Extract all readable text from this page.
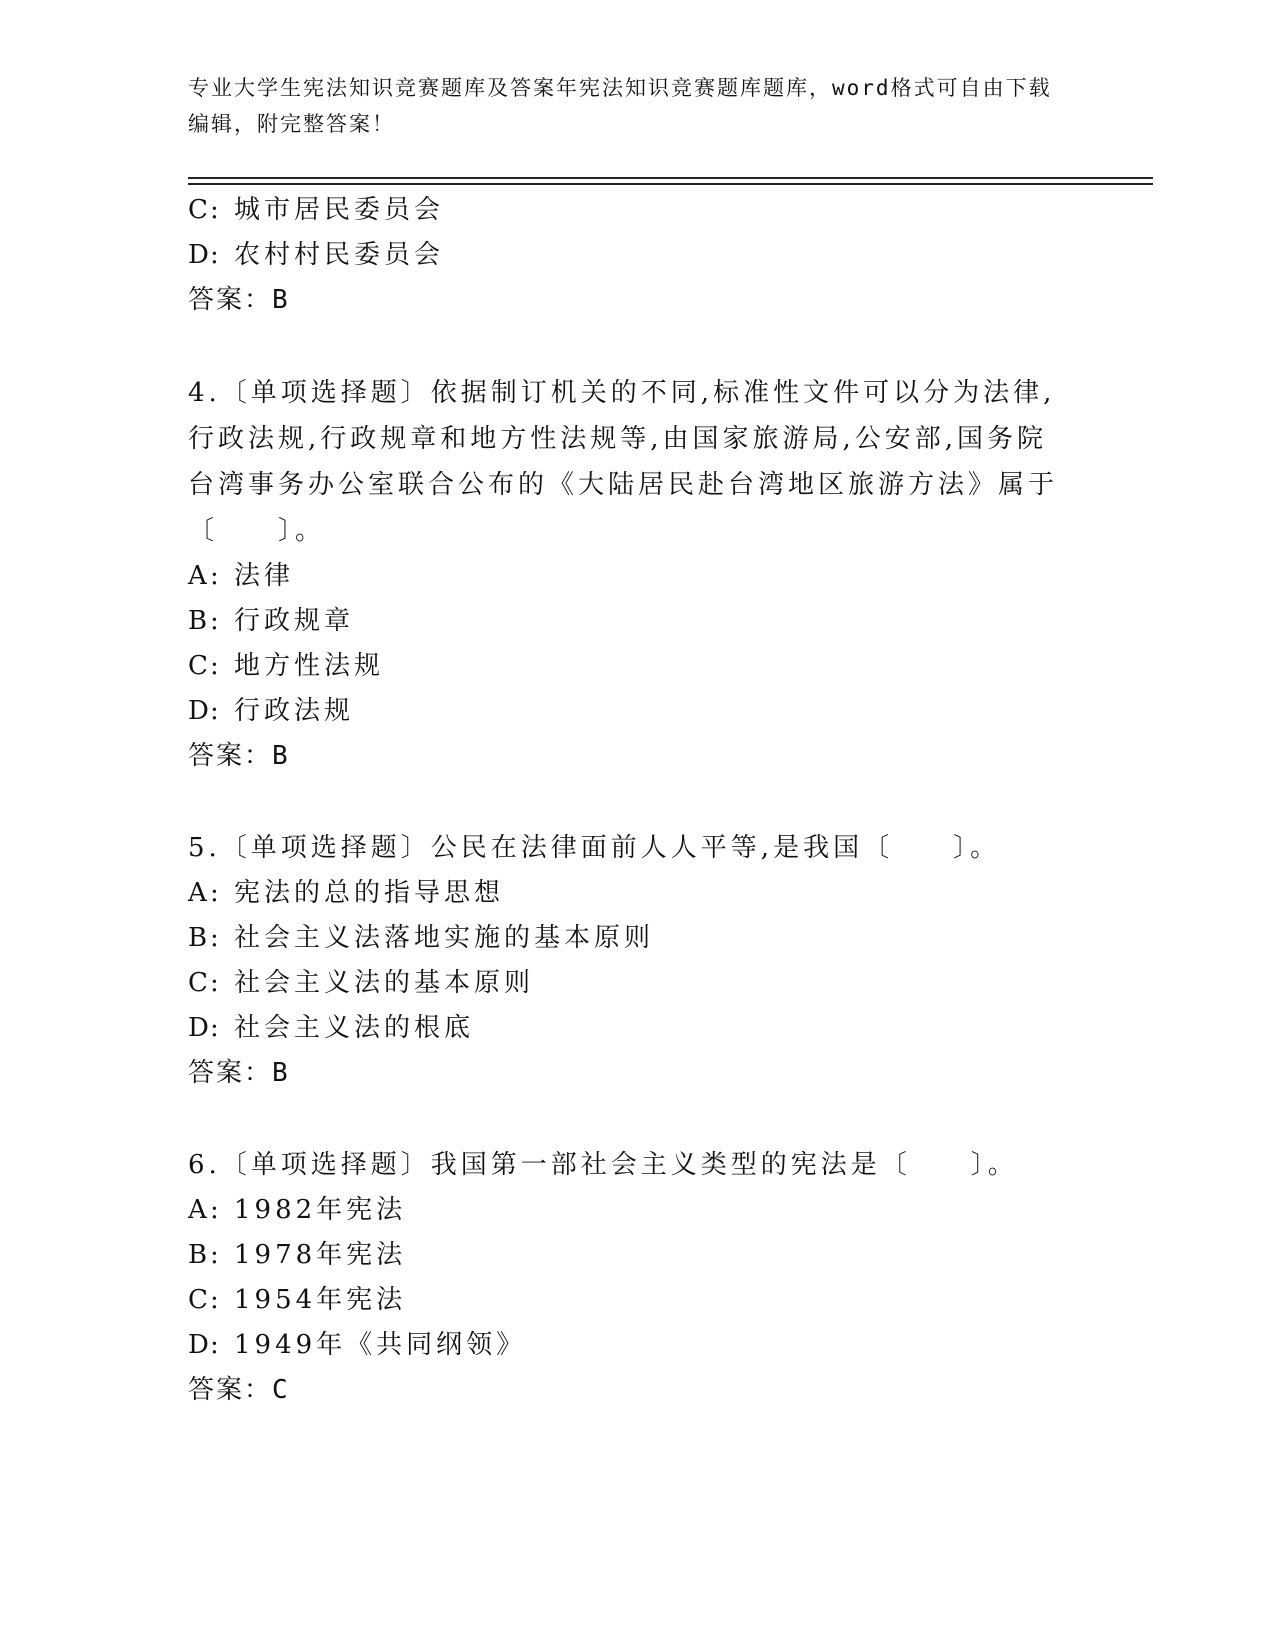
专业大学生宪法知识竞赛题库及答案年宪法知识竞赛题库题库，word格式可自由下载编辑，附完整答案！
C: 城市居民委员会
D: 农村村民委员会
答案：B
4.〔单项选择题〕依据制订机关的不同,标准性文件可以分为法律,行政法规,行政规章和地方性法规等,由国家旅游局,公安部,国务院台湾事务办公室联合公布的《大陆居民赴台湾地区旅游方法》属于〔　　〕。
A : 法律
B : 行政规章
C: 地方性法规
D: 行政法规
答案：B
5.〔单项选择题〕公民在法律面前人人平等,是我国〔　　〕。
A : 宪法的总的指导思想
B : 社会主义法落地实施的基本原则
C: 社会主义法的基本原则
D: 社会主义法的根底
答案：B
6.〔单项选择题〕我国第一部社会主义类型的宪法是〔　　〕。
A : 1982年宪法
B : 1978年宪法
C: 1954年宪法
D: 1949年《共同纲领》
答案：C
